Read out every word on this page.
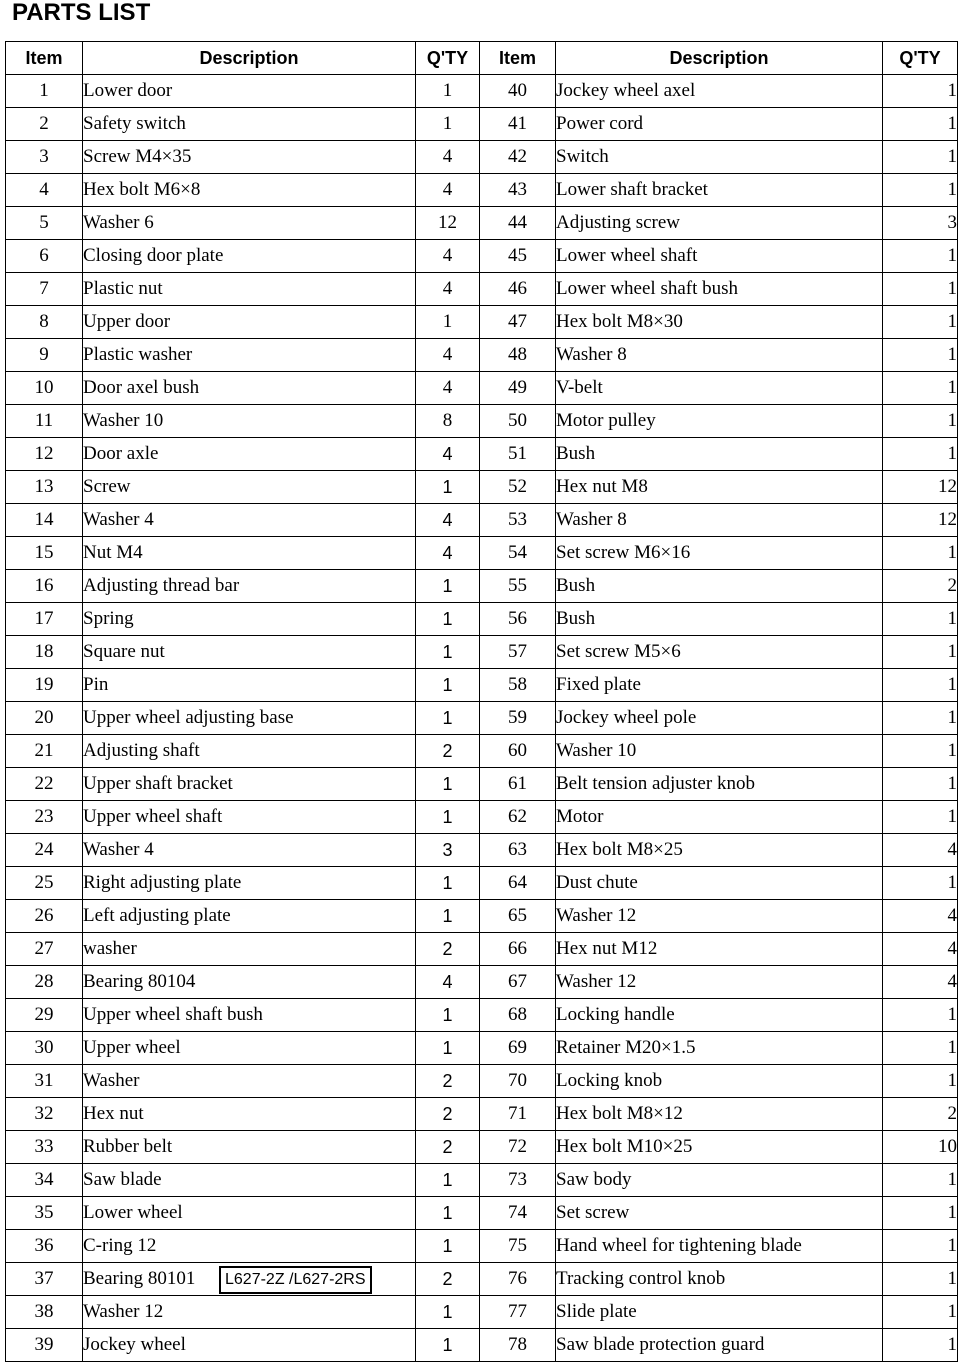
PARTS LIST
Item	Description	Q'TY	Item	Description	Q'TY
1	Lower door	1	40	Jockey wheel axel	1
2	Safety switch	1	41	Power cord	1
3	Screw M4×35	4	42	Switch	1
4	Hex bolt M6×8	4	43	Lower shaft bracket	1
5	Washer 6	12	44	Adjusting screw	3
6	Closing door plate	4	45	Lower wheel shaft	1
7	Plastic nut	4	46	Lower wheel shaft bush	1
8	Upper door	1	47	Hex bolt M8×30	1
9	Plastic washer	4	48	Washer 8	1
10	Door axel bush	4	49	V-belt	1
11	Washer 10	8	50	Motor pulley	1
12	Door axle	4	51	Bush	1
13	Screw	1	52	Hex nut M8	12
14	Washer 4	4	53	Washer 8	12
15	Nut M4	4	54	Set screw M6×16	1
16	Adjusting thread bar	1	55	Bush	2
17	Spring	1	56	Bush	1
18	Square nut	1	57	Set screw M5×6	1
19	Pin	1	58	Fixed plate	1
20	Upper wheel adjusting base	1	59	Jockey wheel pole	1
21	Adjusting shaft	2	60	Washer 10	1
22	Upper shaft bracket	1	61	Belt tension adjuster knob	1
23	Upper wheel shaft	1	62	Motor	1
24	Washer 4	3	63	Hex bolt M8×25	4
25	Right adjusting plate	1	64	Dust chute	1
26	Left adjusting plate	1	65	Washer 12	4
27	washer	2	66	Hex nut M12	4
28	Bearing 80104	4	67	Washer 12	4
29	Upper wheel shaft bush	1	68	Locking handle	1
30	Upper wheel	1	69	Retainer M20×1.5	1
31	Washer	2	70	Locking knob	1
32	Hex nut	2	71	Hex bolt M8×12	2
33	Rubber belt	2	72	Hex bolt M10×25	10
34	Saw blade	1	73	Saw body	1
35	Lower wheel	1	74	Set screw	1
36	C-ring 12	1	75	Hand wheel for tightening blade	1
37	Bearing 80101 L627-2Z /L627-2RS	2	76	Tracking control knob	1
38	Washer 12	1	77	Slide plate	1
39	Jockey wheel	1	78	Saw blade protection guard	1
